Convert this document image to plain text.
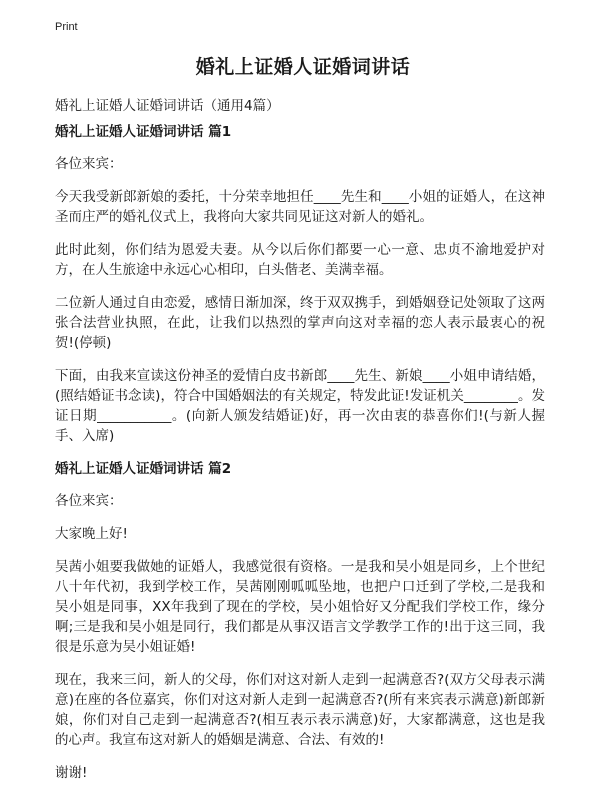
Print
婚礼上证婚人证婚词讲话
婚礼上证婚人证婚词讲话（通用4篇）
婚礼上证婚人证婚词讲话 篇1

各位来宾：

今天我受新郎新娘的委托，十分荣幸地担任____先生和____小姐的证婚人，在这神圣而庄严的婚礼仪式上，我将向大家共同见证这对新人的婚礼。

此时此刻，你们结为恩爱夫妻。从今以后你们都要一心一意、忠贞不渝地爱护对方，在人生旅途中永远心心相印，白头偕老、美满幸福。

二位新人通过自由恋爱，感情日渐加深，终于双双携手，到婚姻登记处领取了这两张合法营业执照，在此，让我们以热烈的掌声向这对幸福的恋人表示最衷心的祝贺!(停顿)

下面，由我来宣读这份神圣的爱情白皮书新郎____先生、新娘____小姐申请结婚，(照结婚证书念读)，符合中国婚姻法的有关规定，特发此证!发证机关________。发证日期___________。(向新人颁发结婚证)好，再一次由衷的恭喜你们!(与新人握手、入席)

婚礼上证婚人证婚词讲话 篇2

各位来宾：

大家晚上好!

吴茜小姐要我做她的证婚人，我感觉很有资格。一是我和吴小姐是同乡，上个世纪八十年代初，我到学校工作，吴茜刚刚呱呱坠地，也把户口迁到了学校,二是我和吴小姐是同事，XX年我到了现在的学校，吴小姐恰好又分配我们学校工作，缘分啊;三是我和吴小姐是同行，我们都是从事汉语言文学教学工作的!出于这三同，我很是乐意为吴小姐证婚!

现在，我来三问，新人的父母，你们对这对新人走到一起满意否?(双方父母表示满意)在座的各位嘉宾，你们对这对新人走到一起满意否?(所有来宾表示满意)新郎新娘，你们对自己走到一起满意否?(相互表示表示满意)好，大家都满意，这也是我的心声。我宣布这对新人的婚姻是满意、合法、有效的!

谢谢!
